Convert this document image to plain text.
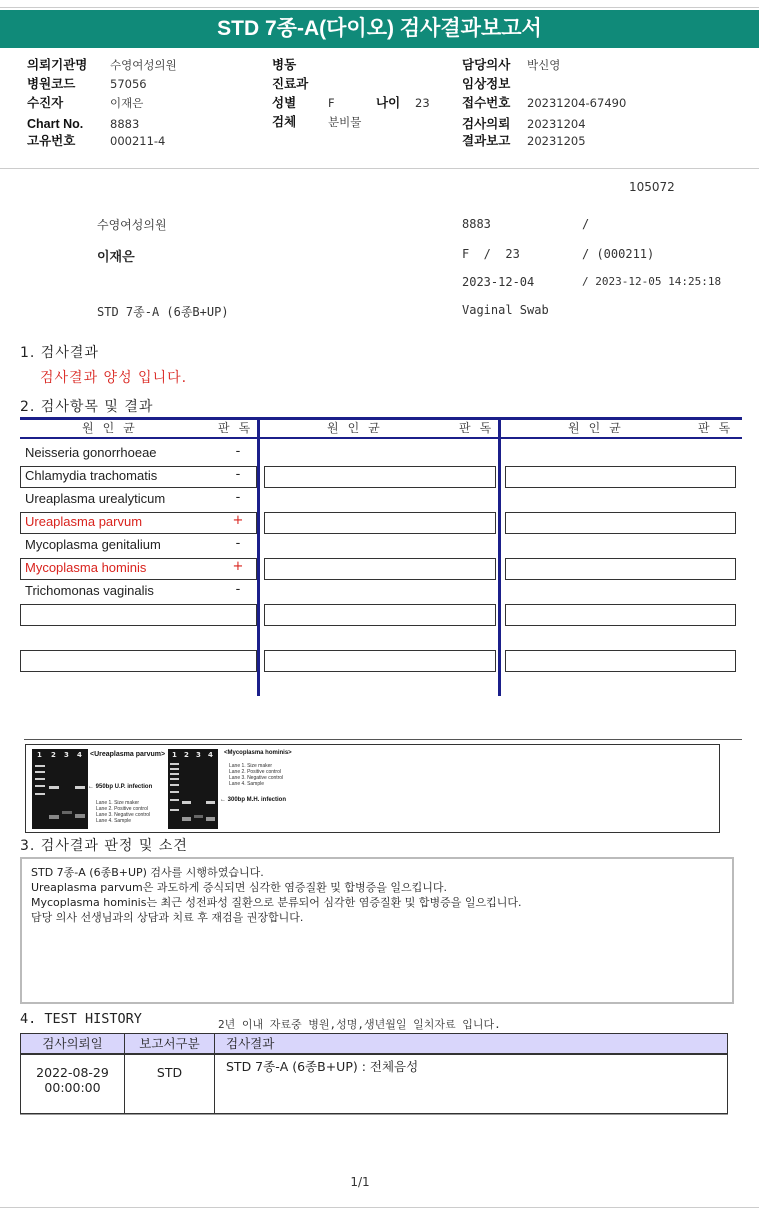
STD 7종-A(다이오) 검사결과보고서
의뢰기관명 수영여성의원
병원코드	57056
수진자	이재은
Chart No. 8883
고유번호	000211-4
병동
진료과
성별	F
검체	분비물
담당의사 박신영
임상정보
접수번호 20231204-67490
검사의뢰 20231204
결과보고 20231205
나이 23
105072
수영여성의원
이재은
STD 7종-A (6종B+UP)
8883	/
F  /  23	/ (000211)
2023-12-04	/ 2023-12-05 14:25:18
Vaginal Swab
1. 검사결과
검사결과 양성 입니다.
2. 검사항목 및 결과
원인균	판독	원인균	판독	원인균	판독
Neisseria gonorrhoeae	-
Chlamydia trachomatis	-
Ureaplasma urealyticum	-
Ureaplasma parvum	+
Mycoplasma genitalium	-
Mycoplasma hominis	+
Trichomonas vaginalis	-
1 2 3 4 <Ureaplasma parvum>
← 950bp U.P. infection
Lane 1. Size maker
Lane 2. Positive control
Lane 3. Negative control
Lane 4. Sample
1 2 3 4 <Mycoplasma hominis>
Lane 1. Size maker
Lane 2. Positive control
Lane 3. Negative control
Lane 4. Sample
← 300bp M.H. infection
3. 검사결과 판정 및 소견
STD 7종-A (6종B+UP) 검사를 시행하였습니다.
Ureaplasma parvum은 과도하게 증식되면 심각한 염증질환 및 합병증을 일으킵니다.
Mycoplasma hominis는 최근 성전파성 질환으로 분류되어 심각한 염증질환 및 합병증을 일으킵니다.
담당 의사 선생님과의 상담과 치료 후 재검을 권장합니다.
4. TEST HISTORY	2년 이내 자료중 병원,성명,생년월일 일치자료 입니다.
검사의뢰일	보고서구분	검사결과

2022-08-29
00:00:00	STD	STD 7종-A (6종B+UP) : 전체음성
1/1
